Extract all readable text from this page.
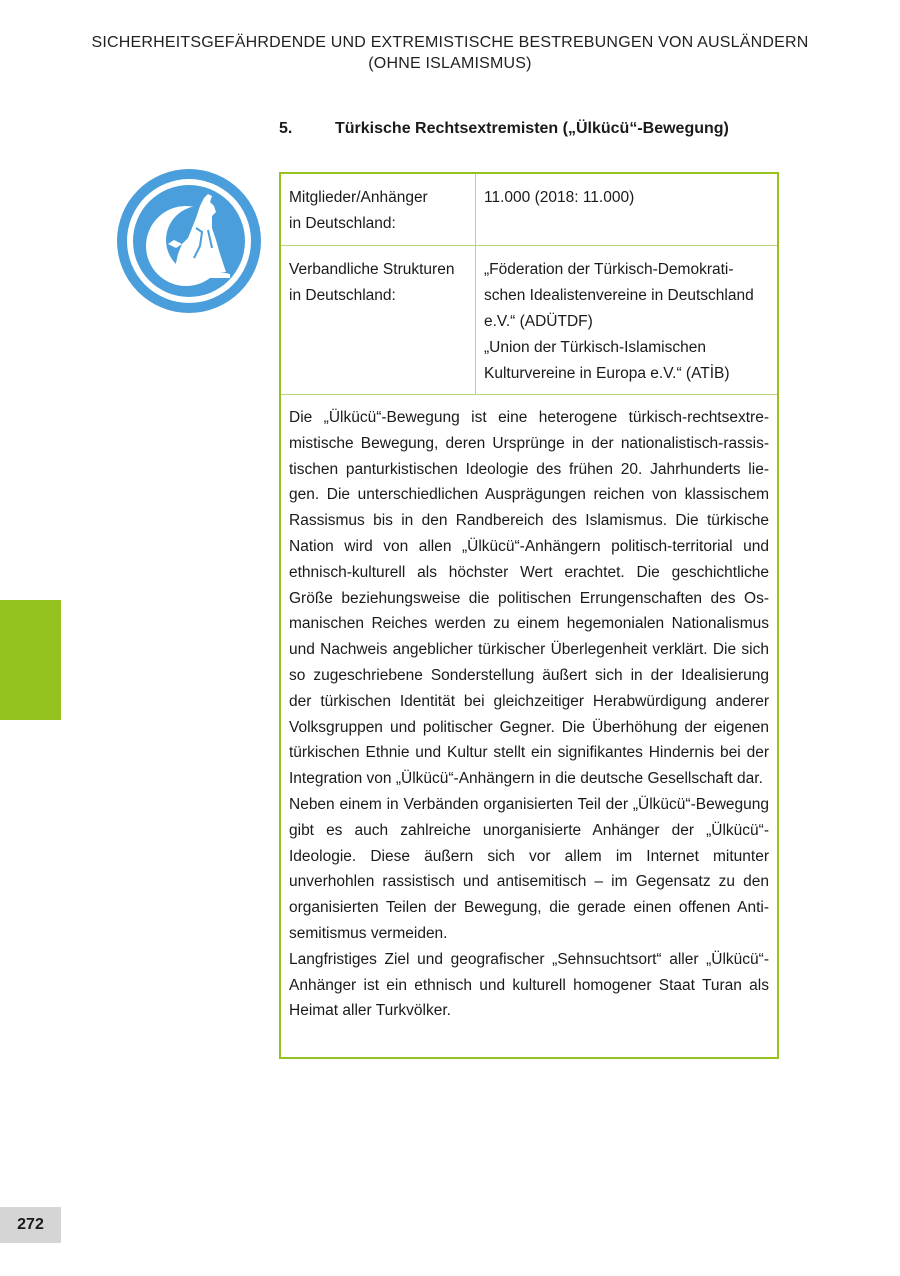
SICHERHEITSGEFÄHRDENDE UND EXTREMISTISCHE BESTREBUNGEN VON AUSLÄNDERN
(OHNE ISLAMISMUS)
5.	Türkische Rechtsextremisten („Ülkücü“-Bewegung)
Mitglieder/Anhänger
in Deutschland:
11.000 (2018: 11.000)
Verbandliche Strukturen
in Deutschland:
„Föderation der Türkisch-Demokrati-
schen Idealistenvereine in Deutschland
e.V.“ (ADÜTDF)
„Union der Türkisch-Islamischen
Kulturvereine in Europa e.V.“ (ATİB)

Die „Ülkücü“-Bewegung ist eine heterogene türkisch-rechtsextremistische Bewegung, deren Ursprünge in der nationalistisch-rassistischen panturkistischen Ideologie des frühen 20. Jahrhunderts liegen. Die unterschiedlichen Ausprägungen reichen von klassischem Rassismus bis in den Randbereich des Islamismus. Die türkische Nation wird von allen „Ülkücü“-Anhängern politisch-territorial und ethnisch-kulturell als höchster Wert erachtet. Die geschichtliche Größe beziehungsweise die politischen Errungenschaften des Osmanischen Reiches werden zu einem hegemonialen Nationalismus und Nachweis angeblicher türkischer Überlegenheit verklärt. Die sich so zugeschriebene Sonderstellung äußert sich in der Idealisierung der türkischen Identität bei gleichzeitiger Herabwürdigung anderer Volksgruppen und politischer Gegner. Die Überhöhung der eigenen türkischen Ethnie und Kultur stellt ein signifikantes Hindernis bei der Integration von „Ülkücü“-Anhängern in die deutsche Gesellschaft dar.

Neben einem in Verbänden organisierten Teil der „Ülkücü“-Bewegung gibt es auch zahlreiche unorganisierte Anhänger der „Ülkücü“-Ideologie. Diese äußern sich vor allem im Internet mitunter unverhohlen rassistisch und antisemitisch – im Gegensatz zu den organisierten Teilen der Bewegung, die gerade einen offenen Antisemitismus vermeiden.

Langfristiges Ziel und geografischer „Sehnsuchtsort“ aller „Ülkücü“-Anhänger ist ein ethnisch und kulturell homogener Staat Turan als Heimat aller Turkvölker.

272
